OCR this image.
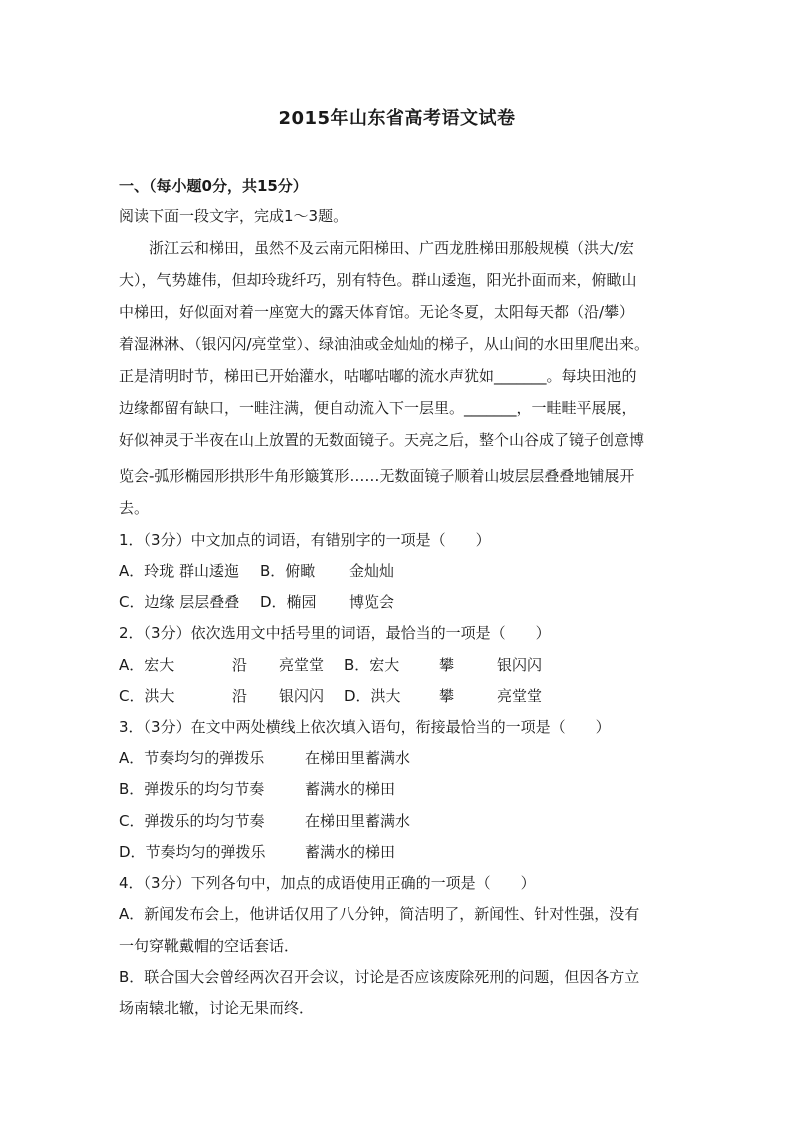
2015年山东省高考语文试卷
一、（每小题0分，共15分）
阅读下面一段文字，完成1～3题。
浙江云和梯田，虽然不及云南元阳梯田、广西龙胜梯田那般规模（洪大/宏
大），气势雄伟，但却玲珑纤巧，别有特色。群山逶迤，阳光扑面而来，俯瞰山
中梯田，好似面对着一座宽大的露天体育馆。无论冬夏，太阳每天都（沿/攀）
着湿淋淋、（银闪闪/亮堂堂）、绿油油或金灿灿的梯子，从山间的水田里爬出来。
正是清明时节，梯田已开始灌水，咕嘟咕嘟的流水声犹如_______。每块田池的
边缘都留有缺口，一畦注满，便自动流入下一层里。_______，一畦畦平展展，
好似神灵于半夜在山上放置的无数面镜子。天亮之后，整个山谷成了镜子创意博
览会-弧形椭园形拱形牛角形簸箕形……无数面镜子顺着山坡层层叠叠地铺展开
去。
1．（3分）中文加点的词语，有错别字的一项是（　　）
A．玲珑 群山逶迤 B．俯瞰 金灿灿
C．边缘 层层叠叠 D．椭园 博览会
2．（3分）依次选用文中括号里的词语，最恰当的一项是（　　）
A．宏大	沿 亮堂堂 B．宏大	攀	银闪闪
C．洪大	沿 银闪闪 D．洪大	攀	亮堂堂
3．（3分）在文中两处横线上依次填入语句，衔接最恰当的一项是（　　）
A．节奏均匀的弹拨乐	在梯田里蓄满水
B．弹拨乐的均匀节奏	蓄满水的梯田
C．弹拨乐的均匀节奏	在梯田里蓄满水
D．节奏均匀的弹拨乐	蓄满水的梯田
4．（3分）下列各句中，加点的成语使用正确的一项是（　　）
A．新闻发布会上，他讲话仅用了八分钟，简洁明了，新闻性、针对性强，没有
一句穿靴戴帽的空话套话．
B．联合国大会曾经两次召开会议，讨论是否应该废除死刑的问题，但因各方立
场南辕北辙，讨论无果而终．
